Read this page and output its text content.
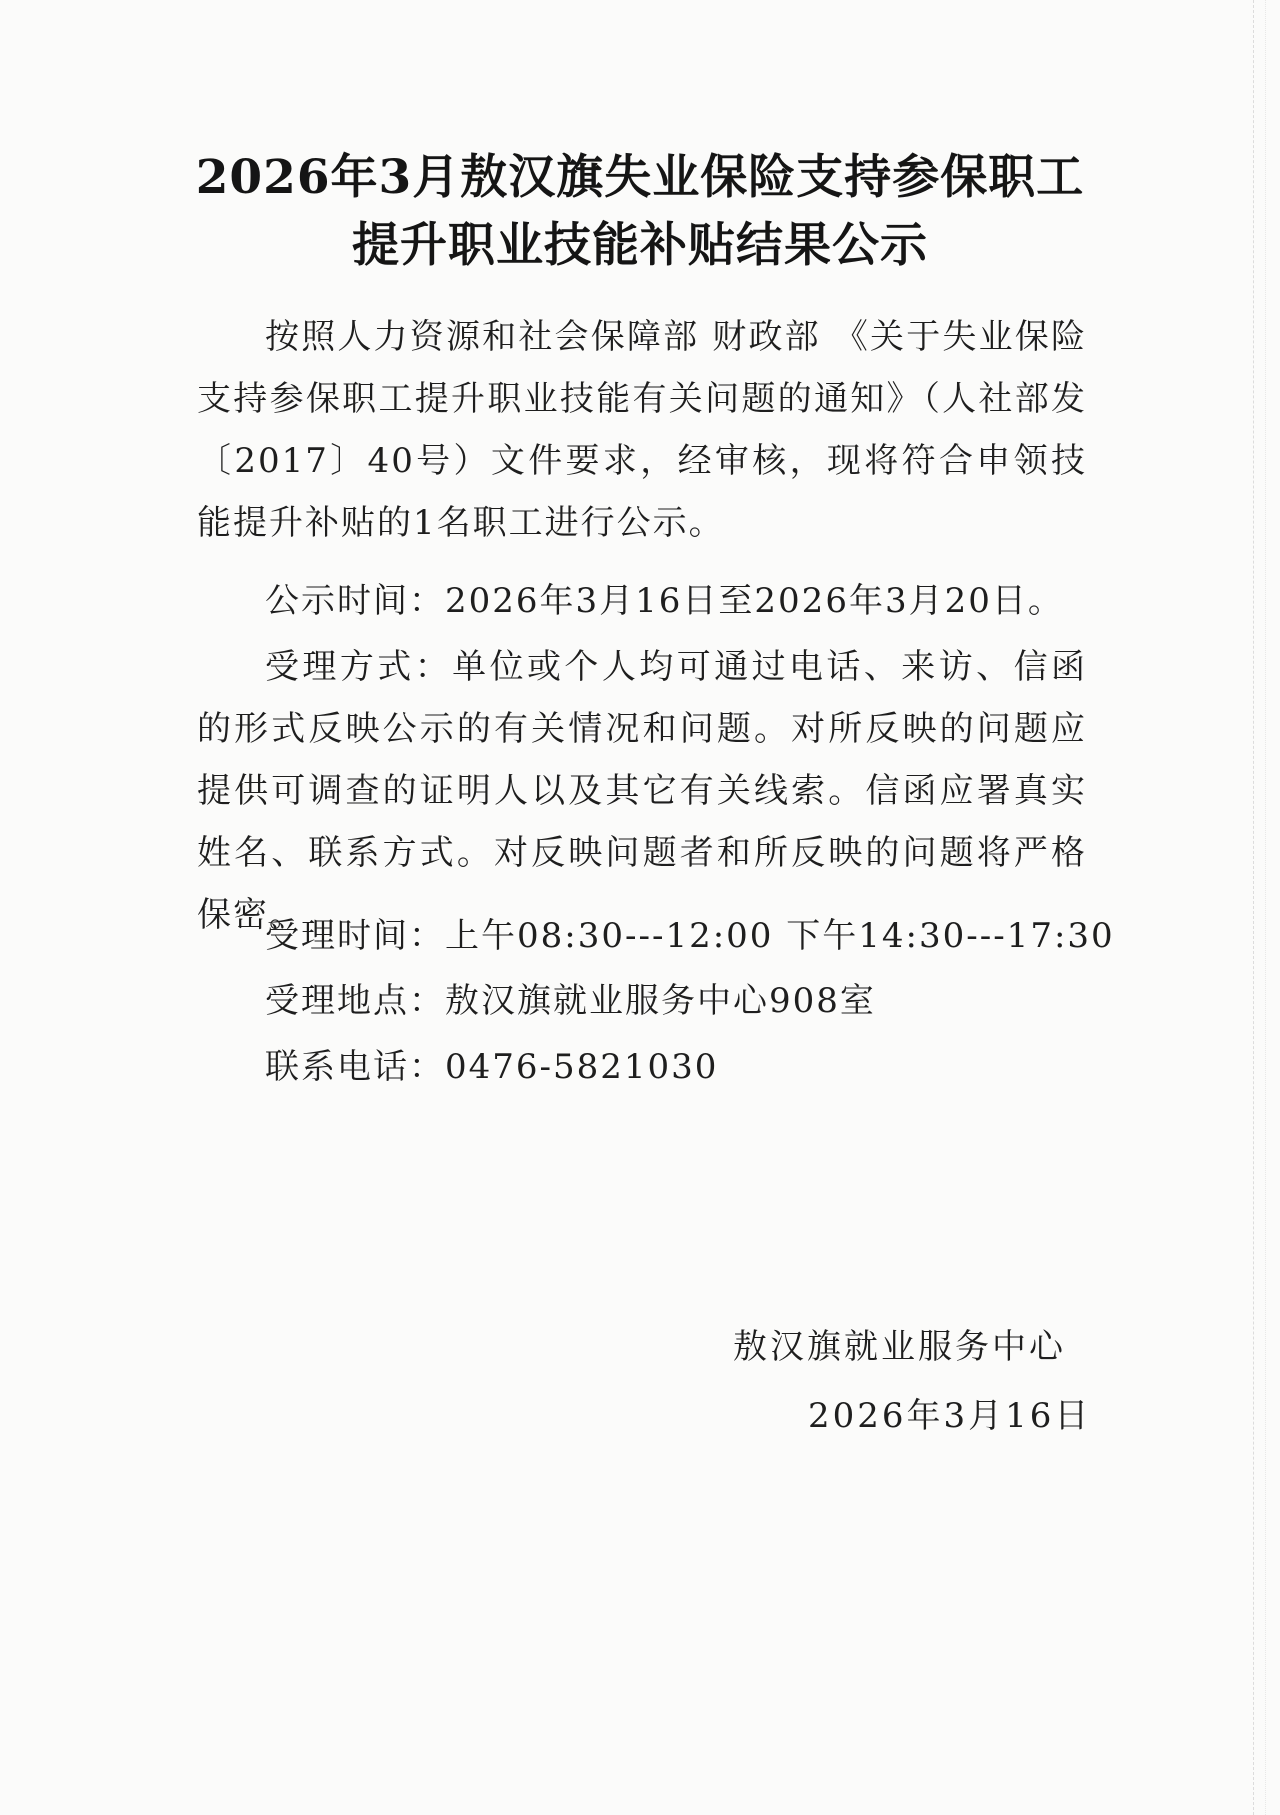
2026年3月敖汉旗失业保险支持参保职工
提升职业技能补贴结果公示
按照人力资源和社会保障部 财政部 《关于失业保险支持参保职工提升职业技能有关问题的通知》（人社部发〔2017〕40号）文件要求，经审核，现将符合申领技能提升补贴的1名职工进行公示。
公示时间：2026年3月16日至2026年3月20日。
受理方式：单位或个人均可通过电话、来访、信函的形式反映公示的有关情况和问题。对所反映的问题应提供可调查的证明人以及其它有关线索。信函应署真实姓名、联系方式。对反映问题者和所反映的问题将严格保密。
受理时间：上午08:30---12:00 下午14:30---17:30
受理地点：敖汉旗就业服务中心908室
联系电话：0476-5821030
敖汉旗就业服务中心
2026年3月16日
